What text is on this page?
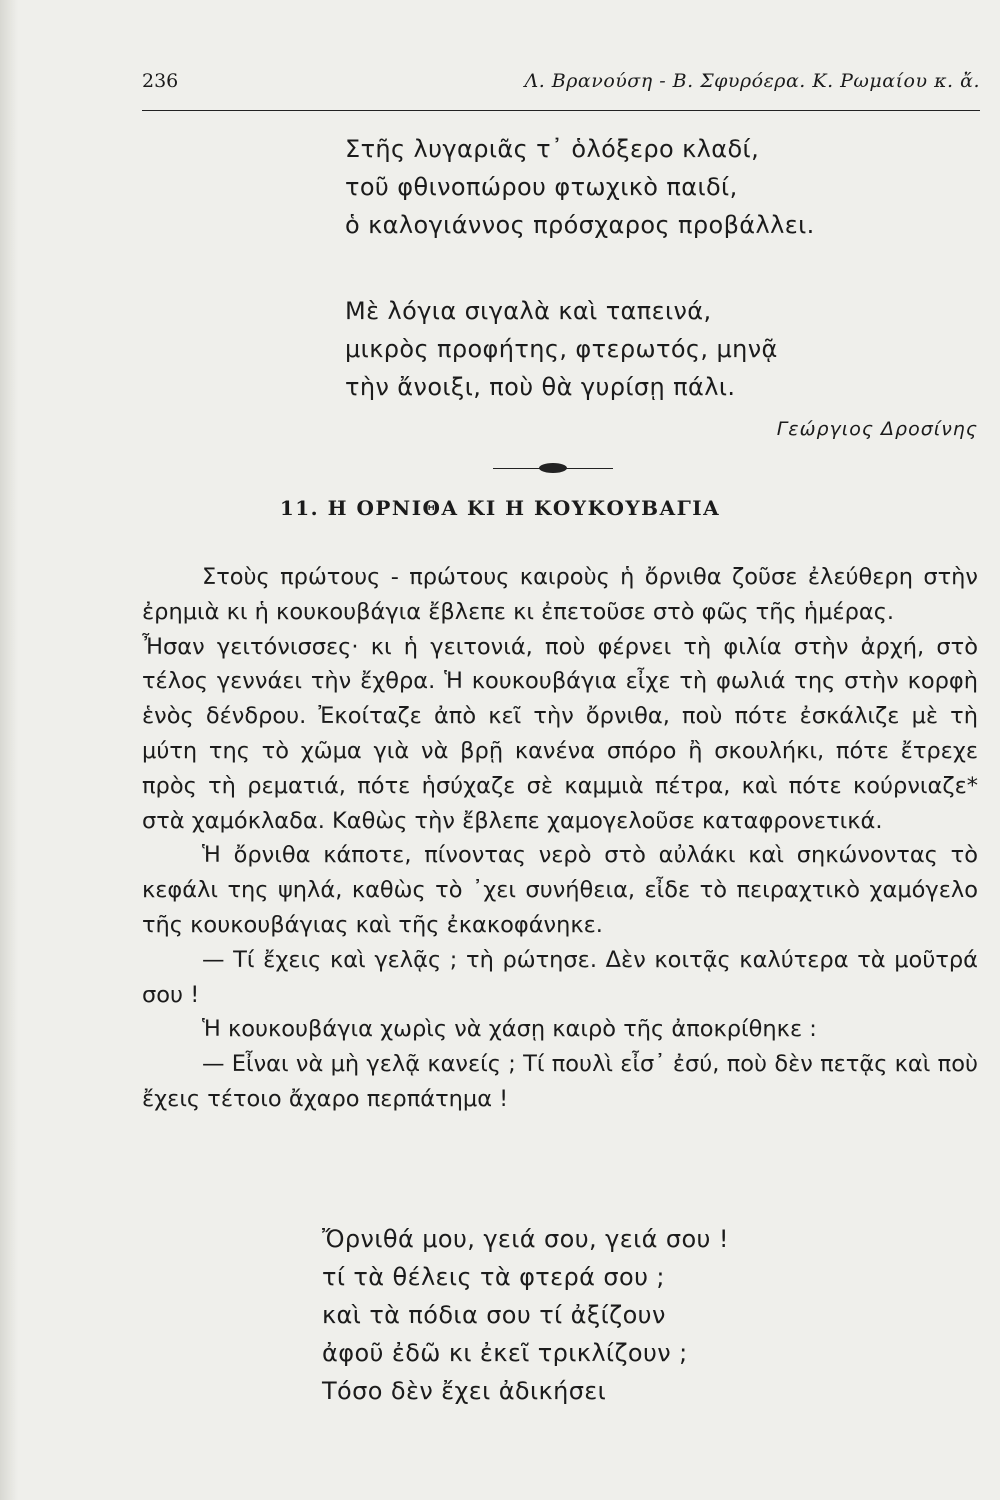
236	Λ. Βρανούση - Β. Σφυρόερα. Κ. Ρωμαίου κ. ἄ.
Στῆς λυγαριᾶς τ᾿ ὁλόξερο κλαδί,
τοῦ φθινοπώρου φτωχικὸ παιδί,
ὁ καλογιάννος πρόσχαρος προβάλλει.
Μὲ λόγια σιγαλὰ καὶ ταπεινά,
μικρὸς προφήτης, φτερωτός, μηνᾷ
τὴν ἄνοιξι, ποὺ θὰ γυρίσῃ πάλι.
Γεώργιος Δροσίνης
11. Η ΟΡΝΙΘΑ ΚΙ Η ΚΟΥΚΟΥΒΑΓΙΑ

Στοὺς πρώτους - πρώτους καιροὺς ἡ ὄρνιθα ζοῦσε ἐλεύθερη στὴν ἐρημιὰ κι ἡ κουκουβάγια ἔβλεπε κι ἐπετοῦσε στὸ φῶς τῆς ἡμέρας.

Ἦσαν γειτόνισσες· κι ἡ γειτονιά, ποὺ φέρνει τὴ φιλία στὴν ἀρχή, στὸ τέλος γεννάει τὴν ἔχθρα. Ἡ κουκουβάγια εἶχε τὴ φωλιά της στὴν κορφὴ ἑνὸς δένδρου. Ἐκοίταζε ἀπὸ κεῖ τὴν ὄρνιθα, ποὺ πότε ἐσκάλιζε μὲ τὴ μύτη της τὸ χῶμα γιὰ νὰ βρῇ κανένα σπόρο ἢ σκουλήκι, πότε ἔτρεχε πρὸς τὴ ρεματιά, πότε ἡσύχαζε σὲ καμμιὰ πέτρα, καὶ πότε κούρνιαζε* στὰ χαμόκλαδα. Καθὼς τὴν ἔβλεπε χαμογελοῦσε καταφρονετικά.

Ἡ ὄρνιθα κάποτε, πίνοντας νερὸ στὸ αὐλάκι καὶ σηκώνοντας τὸ κεφάλι της ψηλά, καθὼς τὸ ᾿χει συνήθεια, εἶδε τὸ πειραχτικὸ χαμόγελο τῆς κουκουβάγιας καὶ τῆς ἐκακοφάνηκε.

— Τί ἔχεις καὶ γελᾷς ; τὴ ρώτησε. Δὲν κοιτᾷς καλύτερα τὰ μοῦτρά σου !

Ἡ κουκουβάγια χωρὶς νὰ χάσῃ καιρὸ τῆς ἀποκρίθηκε :

— Εἶναι νὰ μὴ γελᾷ κανείς ; Τί πουλὶ εἶσ᾿ ἐσύ, ποὺ δὲν πετᾷς καὶ ποὺ ἔχεις τέτοιο ἄχαρο περπάτημα !

Ὄρνιθά μου, γειά σου, γειά σου !
τί τὰ θέλεις τὰ φτερά σου ;
καὶ τὰ πόδια σου τί ἀξίζουν
ἀφοῦ ἐδῶ κι ἐκεῖ τρικλίζουν ;
Τόσο δὲν ἔχει ἀδικήσει
